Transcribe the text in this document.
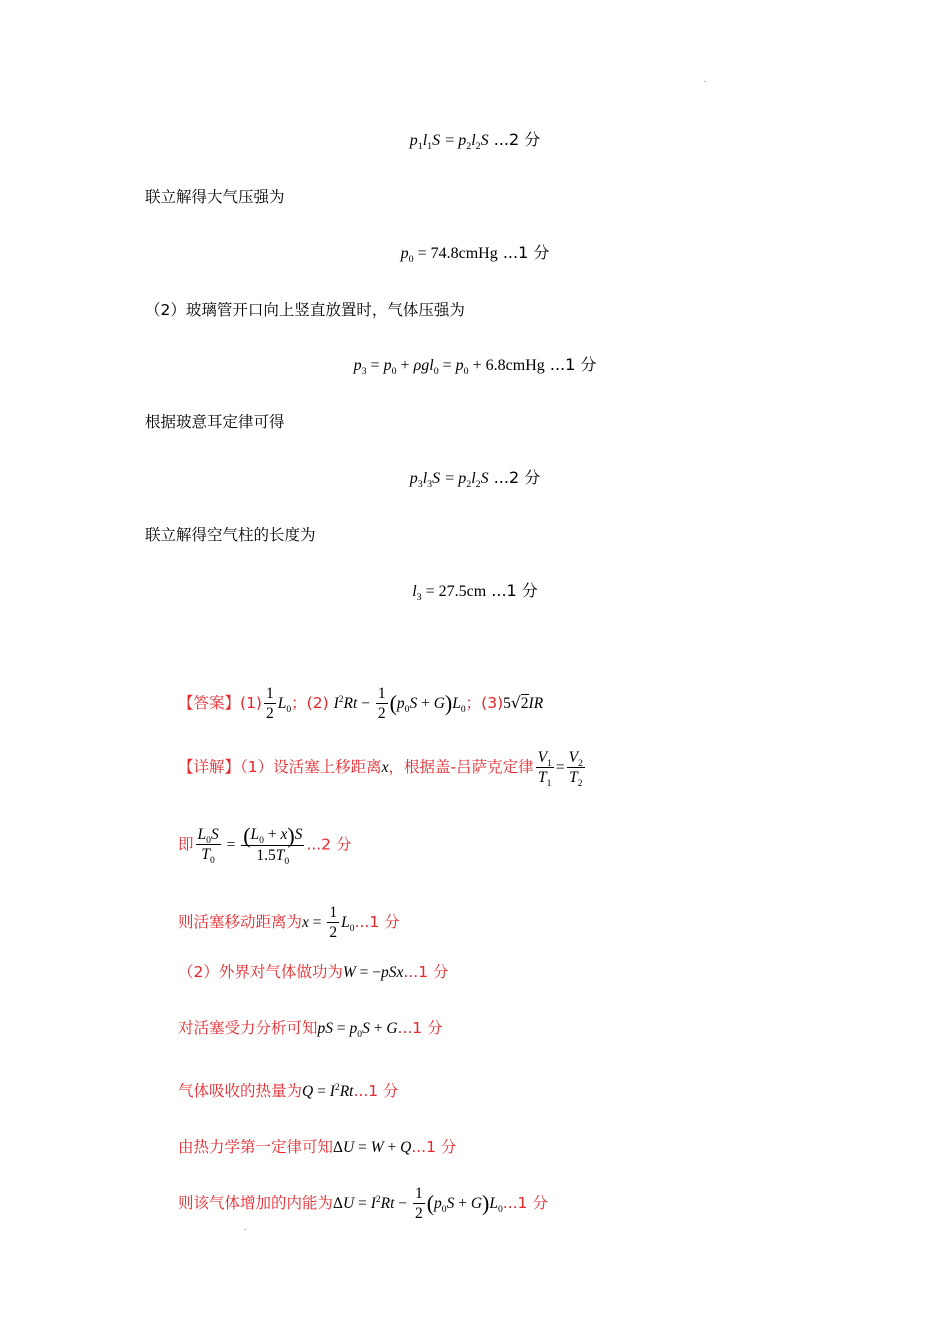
$p_1l_1S = p_2l_2S$ ...2 分
联立解得大气压强为
$p_0$ = 74.8cmHg ...1 分
（2）玻璃管开口向上竖直放置时，气体压强为
$p_3 = p_0 + \rho gl_0 = p_0$ + 6.8cmHg ...1 分
根据玻意耳定律可得
$p_3l_3S = p_2l_2S$ ...2 分
联立解得空气柱的长度为
$l_3 = 27.5cm$ ...1 分
【答案】$(1) \frac{1}{2} L_0$；(2) $I^2Rt - \frac{1}{2} (p_0S + G)L_0$；(3)5√2IR
【详解】（1）设活塞上移距离x，根据盖-吕萨克定律 $\frac{V_1}{T_1} = \frac{V_2}{T_2}$
即 $\frac{L_0S}{T_0} = \frac{(L_0 + x)S}{1.5T_0} ...2$ 分
则活塞移动距离为$x = \frac{1}{2} L_0...1$ 分
（2）外界对气体做功为W = −pSx...1 分
对活塞受力分析可知pS = $p_0S + G...1$ 分
气体吸收的热量为$Q = I^2Rt...1$ 分
由热力学第一定律可知ΔU = W + Q...1 分
则该气体增加的内能为$\Delta U = I^2Rt - \frac{1}{2} (p_0S + G)L_0...1$ 分
